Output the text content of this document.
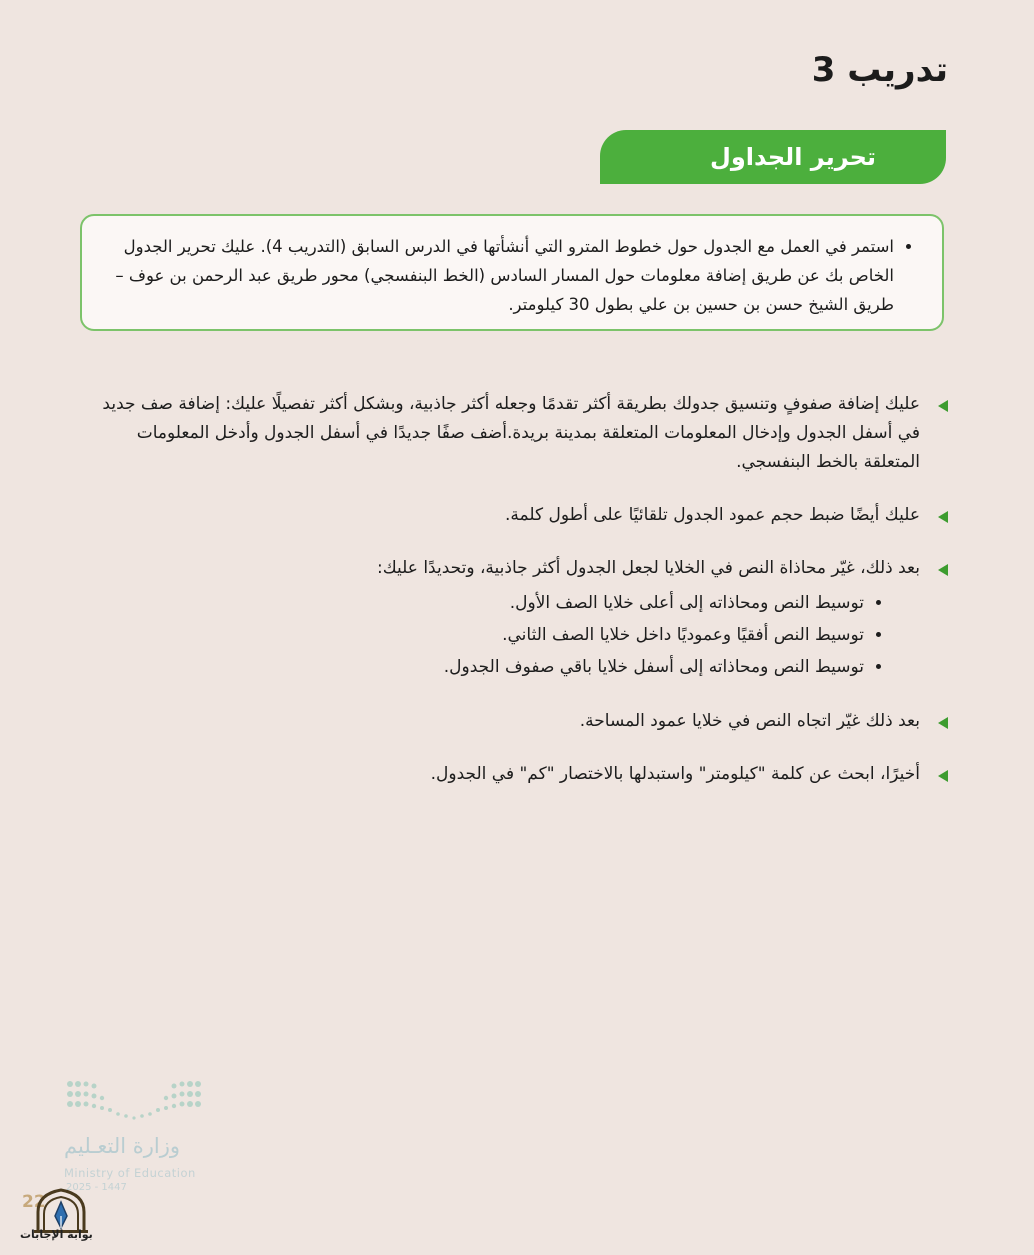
تدريب 3
تحرير الجداول
• استمر في العمل مع الجدول حول خطوط المترو التي أنشأتها في الدرس السابق (التدريب 4). عليك تحرير الجدول الخاص بك عن طريق إضافة معلومات حول المسار السادس (الخط البنفسجي) محور طريق عبد الرحمن بن عوف – طريق الشيخ حسن بن حسين بن علي بطول 30 كيلومتر.
عليك إضافة صفوفٍ وتنسيق جدولك بطريقة أكثر تقدمًا وجعله أكثر جاذبية، وبشكل أكثر تفصيلًا عليك: إضافة صف جديد في أسفل الجدول وإدخال المعلومات المتعلقة بمدينة بريدة.أضف صفًا جديدًا في أسفل الجدول وأدخل المعلومات المتعلقة بالخط البنفسجي.
عليك أيضًا ضبط حجم عمود الجدول تلقائيًا على أطول كلمة.
بعد ذلك، غيّر محاذاة النص في الخلايا لجعل الجدول أكثر جاذبية، وتحديدًا عليك:
• توسيط النص ومحاذاته إلى أعلى خلايا الصف الأول.
• توسيط النص أفقيًا وعموديًا داخل خلايا الصف الثاني.
• توسيط النص ومحاذاته إلى أسفل خلايا باقي صفوف الجدول.
بعد ذلك غيّر اتجاه النص في خلايا عمود المساحة.
أخيرًا، ابحث عن كلمة "كيلومتر" واستبدلها بالاختصار "كم" في الجدول.
وزارة التعـليم
Ministry of Education
2025 - 1447
22
بوابة الإجابات
